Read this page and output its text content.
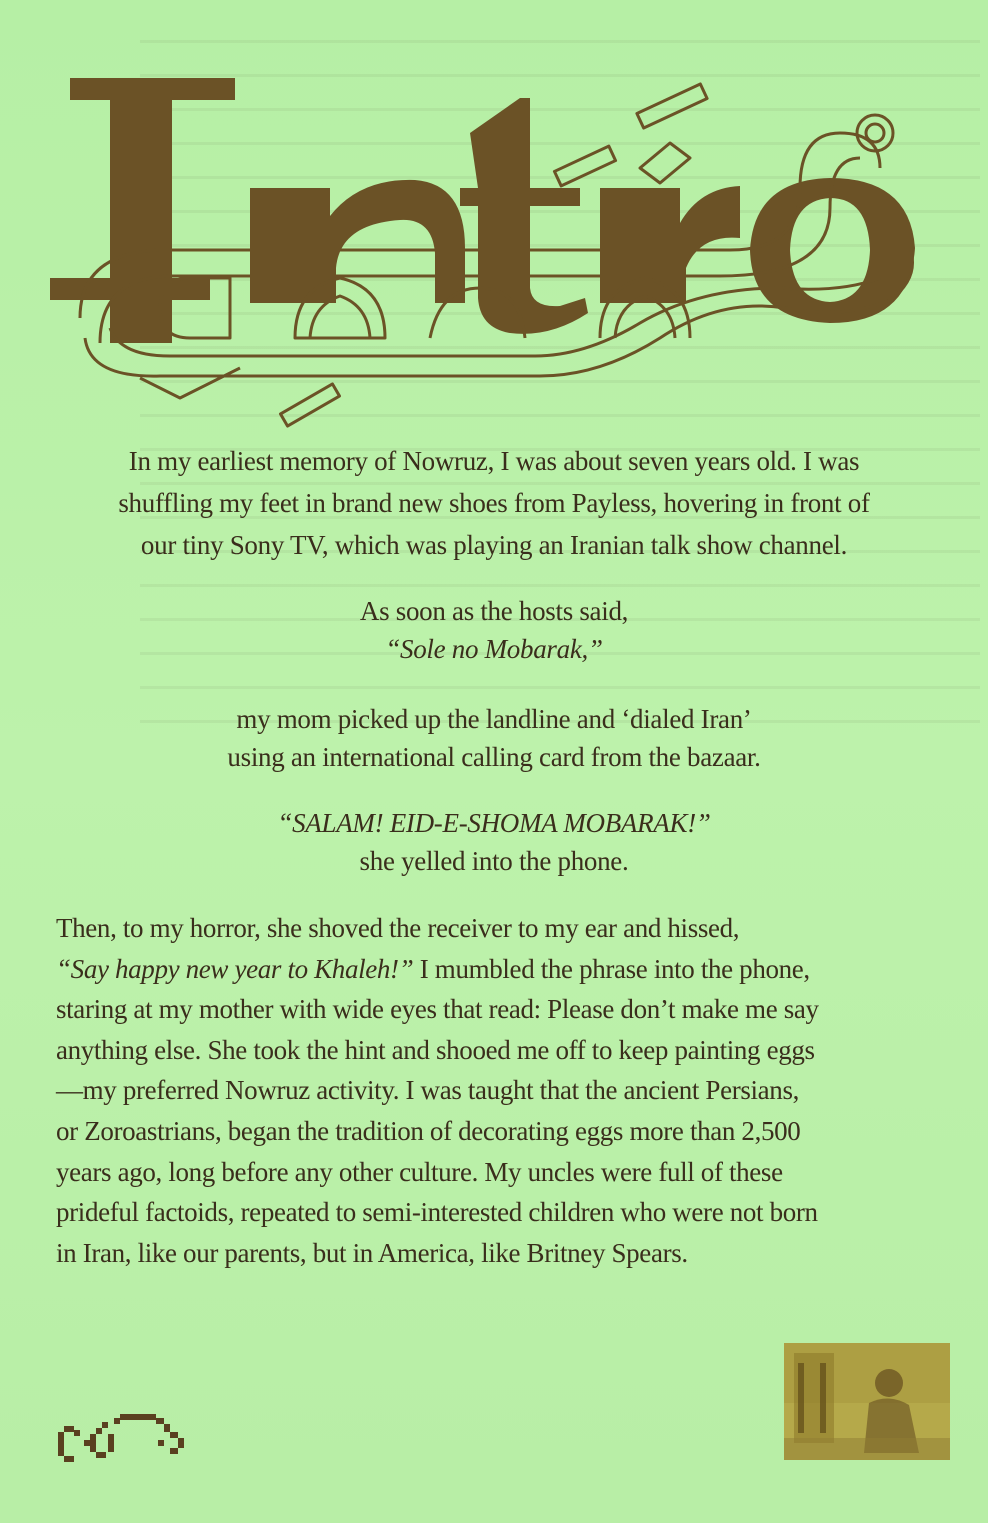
In my earliest memory of Nowruz, I was about seven years old. I was
shuffling my feet in brand new shoes from Payless, hovering in front of
our tiny Sony TV, which was playing an Iranian talk show channel.
As soon as the hosts said,
“Sole no Mobarak,”
my mom picked up the landline and ‘dialed Iran’
using an international calling card from the bazaar.
“SALAM! EID-E-SHOMA MOBARAK!”
she yelled into the phone.
Then, to my horror, she shoved the receiver to my ear and hissed,
“Say happy new year to Khaleh!” I mumbled the phrase into the phone,
staring at my mother with wide eyes that read: Please don’t make me say
anything else. She took the hint and shooed me off to keep painting eggs
—my preferred Nowruz activity. I was taught that the ancient Persians,
or Zoroastrians, began the tradition of decorating eggs more than 2,500
years ago, long before any other culture. My uncles were full of these
prideful factoids, repeated to semi-interested children who were not born
in Iran, like our parents, but in America, like Britney Spears.
